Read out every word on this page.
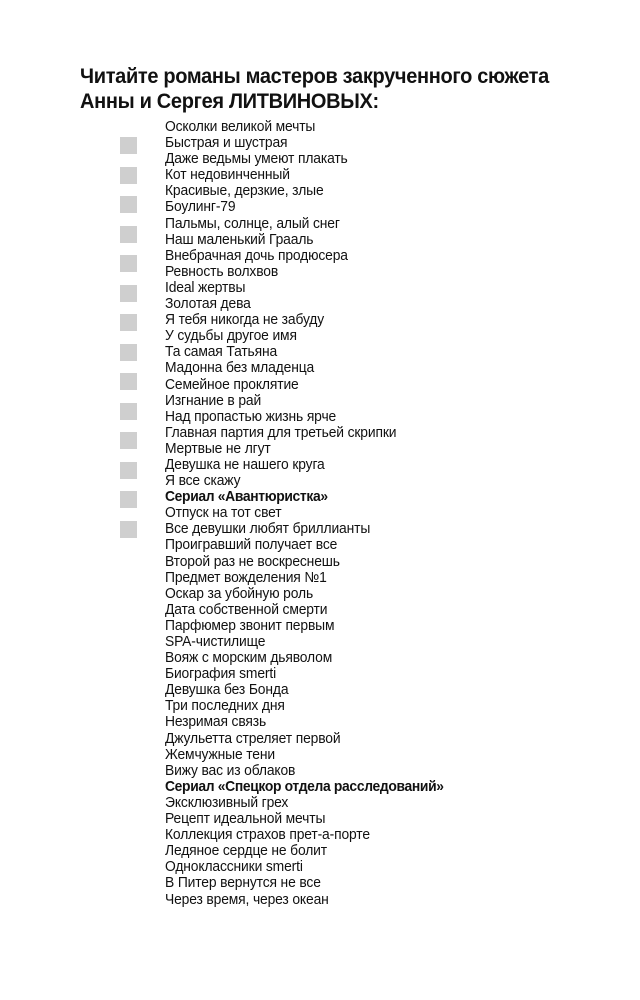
Читайте романы мастеров закрученного сюжета
Анны и Сергея ЛИТВИНОВЫХ:
Осколки великой мечты
Быстрая и шустрая
Даже ведьмы умеют плакать
Кот недовинченный
Красивые, дерзкие, злые
Боулинг-79
Пальмы, солнце, алый снег
Наш маленький Грааль
Внебрачная дочь продюсера
Ревность волхвов
Ideal жертвы
Золотая дева
Я тебя никогда не забуду
У судьбы другое имя
Та самая Татьяна
Мадонна без младенца
Семейное проклятие
Изгнание в рай
Над пропастью жизнь ярче
Главная партия для третьей скрипки
Мертвые не лгут
Девушка не нашего круга
Я все скажу
Сериал «Авантюристка»
Отпуск на тот свет
Все девушки любят бриллианты
Проигравший получает все
Второй раз не воскреснешь
Предмет вожделения №1
Оскар за убойную роль
Дата собственной смерти
Парфюмер звонит первым
SPA-чистилище
Вояж с морским дьяволом
Биография smerti
Девушка без Бонда
Три последних дня
Незримая связь
Джульетта стреляет первой
Жемчужные тени
Вижу вас из облаков
Сериал «Спецкор отдела расследований»
Эксклюзивный грех
Рецепт идеальной мечты
Коллекция страхов прет-а-порте
Ледяное сердце не болит
Одноклассники smerti
В Питер вернутся не все
Через время, через океан
